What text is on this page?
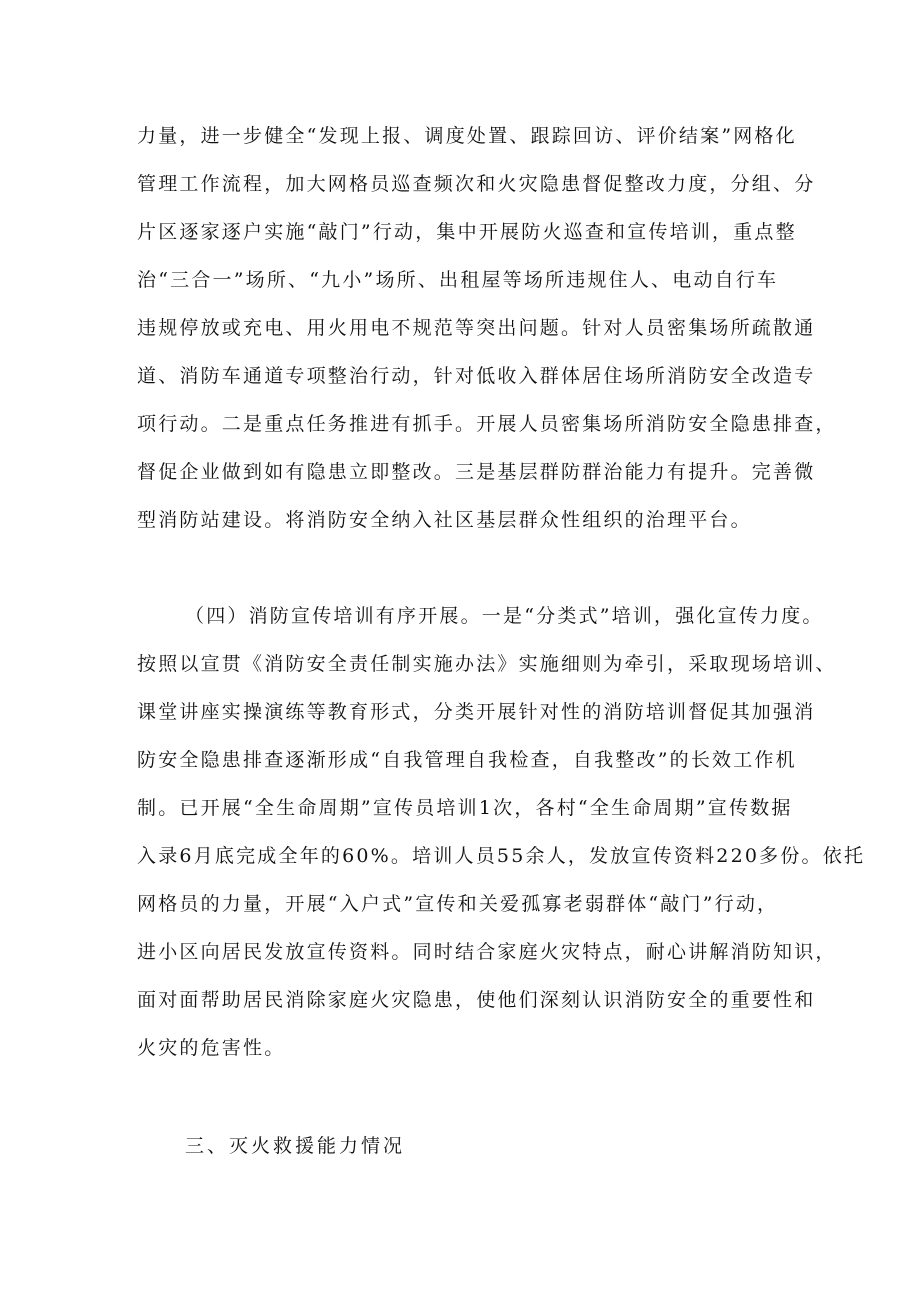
力量，进一步健全“发现上报、调度处置、跟踪回访、评价结案”网格化
管理工作流程，加大网格员巡查频次和火灾隐患督促整改力度，分组、分
片区逐家逐户实施“敲门”行动，集中开展防火巡查和宣传培训，重点整
治“三合一”场所、“九小”场所、出租屋等场所违规住人、电动自行车
违规停放或充电、用火用电不规范等突出问题。针对人员密集场所疏散通
道、消防车通道专项整治行动，针对低收入群体居住场所消防安全改造专
项行动。二是重点任务推进有抓手。开展人员密集场所消防安全隐患排查，
督促企业做到如有隐患立即整改。三是基层群防群治能力有提升。完善微
型消防站建设。将消防安全纳入社区基层群众性组织的治理平台。
（四）消防宣传培训有序开展。一是“分类式”培训，强化宣传力度。
按照以宣贯《消防安全责任制实施办法》实施细则为牵引，采取现场培训、
课堂讲座实操演练等教育形式，分类开展针对性的消防培训督促其加强消
防安全隐患排查逐渐形成“自我管理自我检查，自我整改”的长效工作机
制。已开展“全生命周期”宣传员培训1次，各村“全生命周期”宣传数据
入录6月底完成全年的60%。培训人员55余人，发放宣传资料220多份。依托
网格员的力量，开展“入户式”宣传和关爱孤寡老弱群体“敲门”行动，
进小区向居民发放宣传资料。同时结合家庭火灾特点，耐心讲解消防知识，
面对面帮助居民消除家庭火灾隐患，使他们深刻认识消防安全的重要性和
火灾的危害性。
三、灭火救援能力情况
